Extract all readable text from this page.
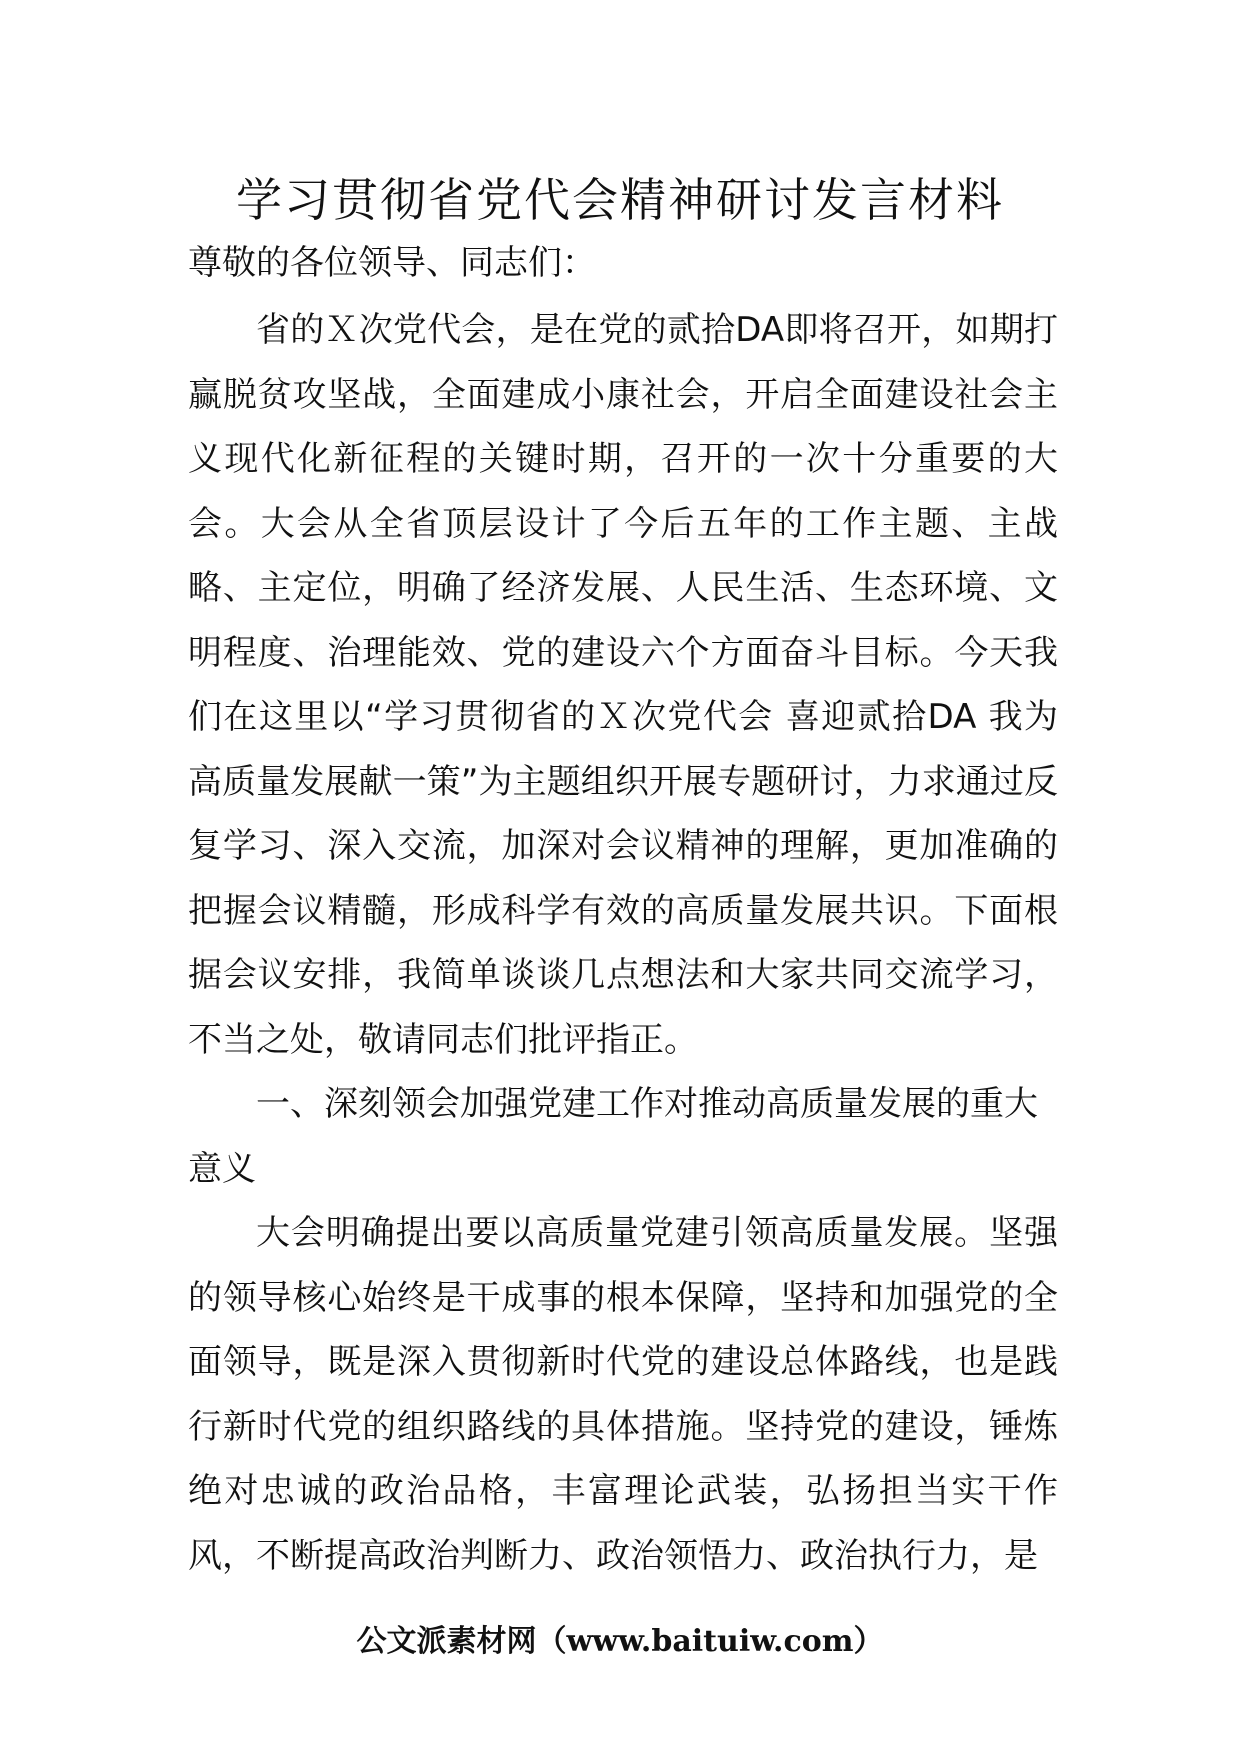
学习贯彻省党代会精神研讨发言材料

尊敬的各位领导、同志们：

省的Ｘ次党代会，是在党的贰拾DA即将召开，如期打赢脱贫攻坚战，全面建成小康社会，开启全面建设社会主义现代化新征程的关键时期，召开的一次十分重要的大会。大会从全省顶层设计了今后五年的工作主题、主战略、主定位，明确了经济发展、人民生活、生态环境、文明程度、治理能效、党的建设六个方面奋斗目标。今天我们在这里以“学习贯彻省的Ｘ次党代会 喜迎贰拾DA 我为高质量发展献一策”为主题组织开展专题研讨，力求通过反复学习、深入交流，加深对会议精神的理解，更加准确的把握会议精髓，形成科学有效的高质量发展共识。下面根据会议安排，我简单谈谈几点想法和大家共同交流学习，不当之处，敬请同志们批评指正。

一、深刻领会加强党建工作对推动高质量发展的重大意义

大会明确提出要以高质量党建引领高质量发展。坚强的领导核心始终是干成事的根本保障，坚持和加强党的全面领导，既是深入贯彻新时代党的建设总体路线，也是践行新时代党的组织路线的具体措施。坚持党的建设，锤炼绝对忠诚的政治品格，丰富理论武装，弘扬担当实干作风，不断提高政治判断力、政治领悟力、政治执行力，是

公文派素材网（www.baituiw.com）
